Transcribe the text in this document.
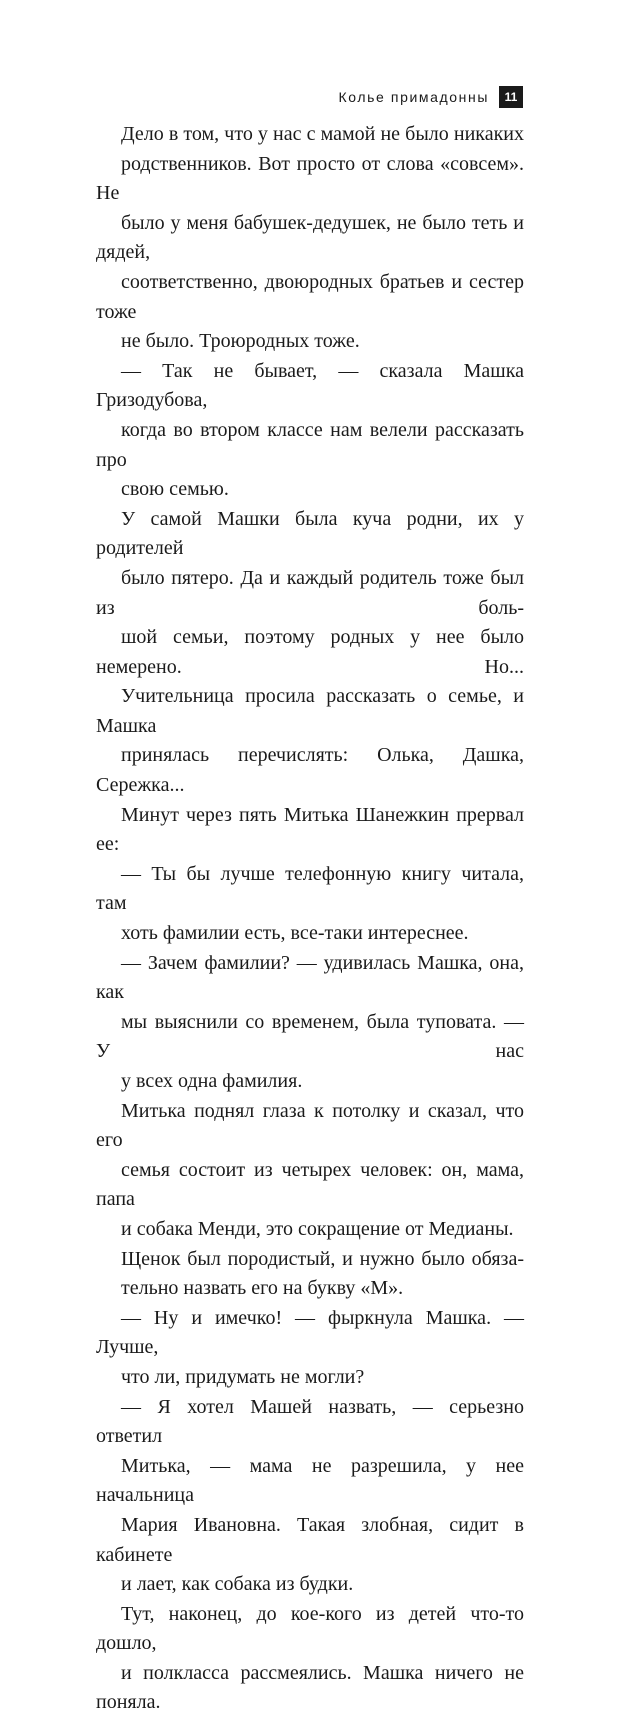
Колье примадонны	11

Дело в том, что у нас с мамой не было никаких
родственников. Вот просто от слова «совсем». Не
было у меня бабушек-дедушек, не было теть и дядей,
соответственно, двоюродных братьев и сестер тоже
не было. Троюродных тоже.

— Так не бывает, — сказала Машка Гризодубова,
когда во втором классе нам велели рассказать про
свою семью.

У самой Машки была куча родни, их у родителей
было пятеро. Да и каждый родитель тоже был из боль-
шой семьи, поэтому родных у нее было немерено. Но...
Учительница просила рассказать о семье, и Машка
принялась перечислять: Олька, Дашка, Сережка...

Минут через пять Митька Шанежкин прервал ее:

— Ты бы лучше телефонную книгу читала, там
хоть фамилии есть, все-таки интереснее.

— Зачем фамилии? — удивилась Машка, она, как
мы выяснили со временем, была туповата. — У нас
у всех одна фамилия.

Митька поднял глаза к потолку и сказал, что его
семья состоит из четырех человек: он, мама, папа
и собака Менди, это сокращение от Медианы.

Щенок был породистый, и нужно было обяза-
тельно назвать его на букву «М».

— Ну и имечко! — фыркнула Машка. — Лучше,
что ли, придумать не могли?

— Я хотел Машей назвать, — серьезно ответил
Митька, — мама не разрешила, у нее начальница
Мария Ивановна. Такая злобная, сидит в кабинете
и лает, как собака из будки.

Тут, наконец, до кое-кого из детей что-то дошло,
и полкласса рассмеялись. Машка ничего не поняла.
